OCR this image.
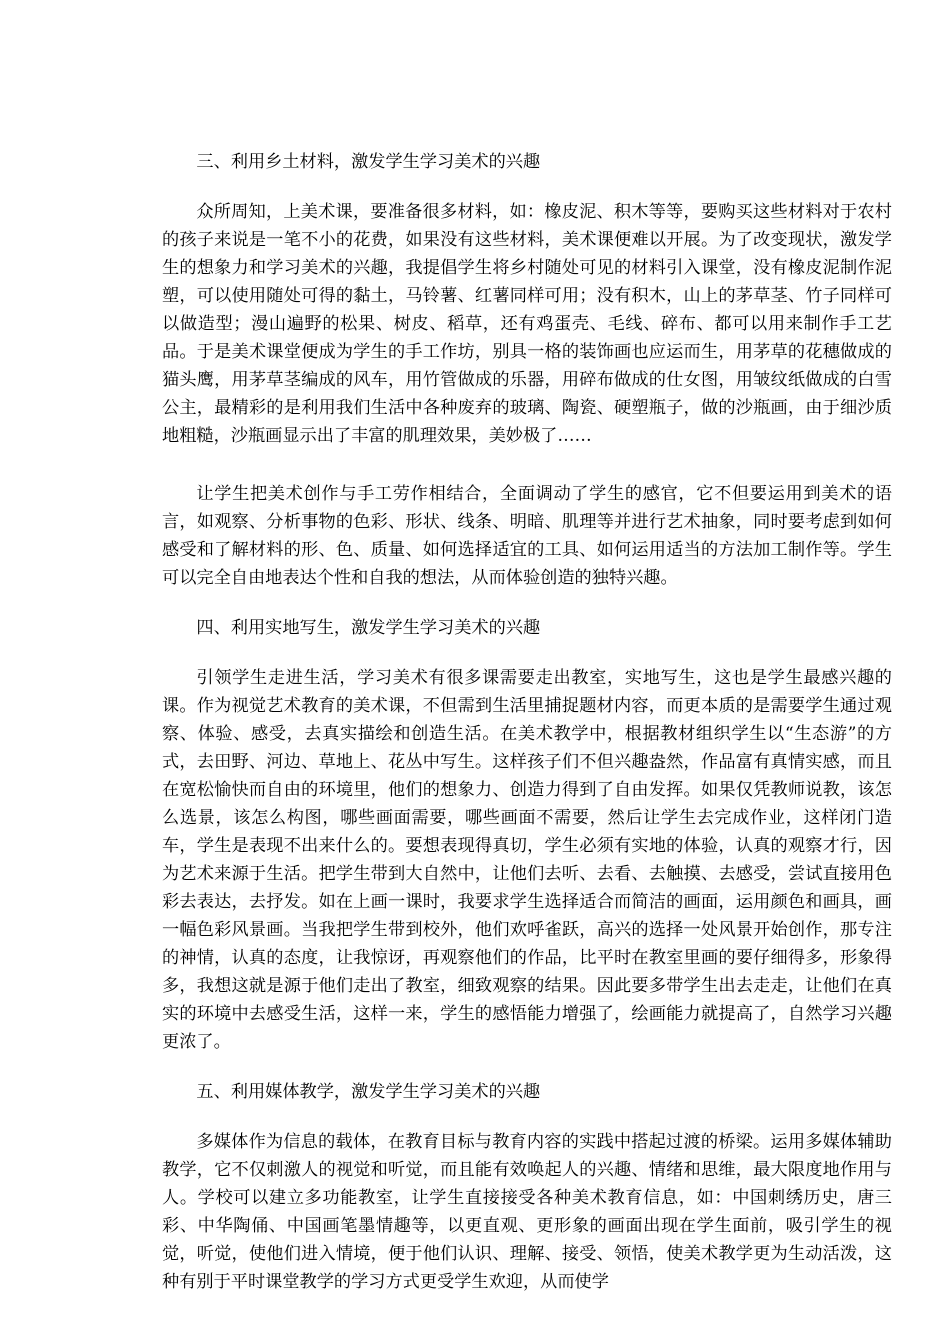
三、利用乡土材料，激发学生学习美术的兴趣

众所周知，上美术课，要准备很多材料，如：橡皮泥、积木等等，要购买这些材料对于农村的孩子来说是一笔不小的花费，如果没有这些材料，美术课便难以开展。为了改变现状，激发学生的想象力和学习美术的兴趣，我提倡学生将乡村随处可见的材料引入课堂，没有橡皮泥制作泥塑，可以使用随处可得的黏土，马铃薯、红薯同样可用；没有积木，山上的茅草茎、竹子同样可以做造型；漫山遍野的松果、树皮、稻草，还有鸡蛋壳、毛线、碎布、都可以用来制作手工艺品。于是美术课堂便成为学生的手工作坊，别具一格的装饰画也应运而生，用茅草的花穗做成的猫头鹰，用茅草茎编成的风车，用竹管做成的乐器，用碎布做成的仕女图，用皱纹纸做成的白雪公主，最精彩的是利用我们生活中各种废弃的玻璃、陶瓷、硬塑瓶子，做的沙瓶画，由于细沙质地粗糙，沙瓶画显示出了丰富的肌理效果，美妙极了……

让学生把美术创作与手工劳作相结合，全面调动了学生的感官，它不但要运用到美术的语言，如观察、分析事物的色彩、形状、线条、明暗、肌理等并进行艺术抽象，同时要考虑到如何感受和了解材料的形、色、质量、如何选择适宜的工具、如何运用适当的方法加工制作等。学生可以完全自由地表达个性和自我的想法，从而体验创造的独特兴趣。

四、利用实地写生，激发学生学习美术的兴趣

引领学生走进生活，学习美术有很多课需要走出教室，实地写生，这也是学生最感兴趣的课。作为视觉艺术教育的美术课，不但需到生活里捕捉题材内容，而更本质的是需要学生通过观察、体验、感受，去真实描绘和创造生活。在美术教学中，根据教材组织学生以“生态游”的方式，去田野、河边、草地上、花丛中写生。这样孩子们不但兴趣盎然，作品富有真情实感，而且在宽松愉快而自由的环境里，他们的想象力、创造力得到了自由发挥。如果仅凭教师说教，该怎么选景，该怎么构图，哪些画面需要，哪些画面不需要，然后让学生去完成作业，这样闭门造车，学生是表现不出来什么的。要想表现得真切，学生必须有实地的体验，认真的观察才行，因为艺术来源于生活。把学生带到大自然中，让他们去听、去看、去触摸、去感受，尝试直接用色彩去表达，去抒发。如在上画一课时，我要求学生选择适合而简洁的画面，运用颜色和画具，画一幅色彩风景画。当我把学生带到校外，他们欢呼雀跃，高兴的选择一处风景开始创作，那专注的神情，认真的态度，让我惊讶，再观察他们的作品，比平时在教室里画的要仔细得多，形象得多，我想这就是源于他们走出了教室，细致观察的结果。因此要多带学生出去走走，让他们在真实的环境中去感受生活，这样一来，学生的感悟能力增强了，绘画能力就提高了，自然学习兴趣更浓了。

五、利用媒体教学，激发学生学习美术的兴趣

多媒体作为信息的载体，在教育目标与教育内容的实践中搭起过渡的桥梁。运用多媒体辅助教学，它不仅刺激人的视觉和听觉，而且能有效唤起人的兴趣、情绪和思维，最大限度地作用与人。学校可以建立多功能教室，让学生直接接受各种美术教育信息，如：中国刺绣历史，唐三彩、中华陶俑、中国画笔墨情趣等，以更直观、更形象的画面出现在学生面前，吸引学生的视觉，听觉，使他们进入情境，便于他们认识、理解、接受、领悟，使美术教学更为生动活泼，这种有别于平时课堂教学的学习方式更受学生欢迎，从而使学
